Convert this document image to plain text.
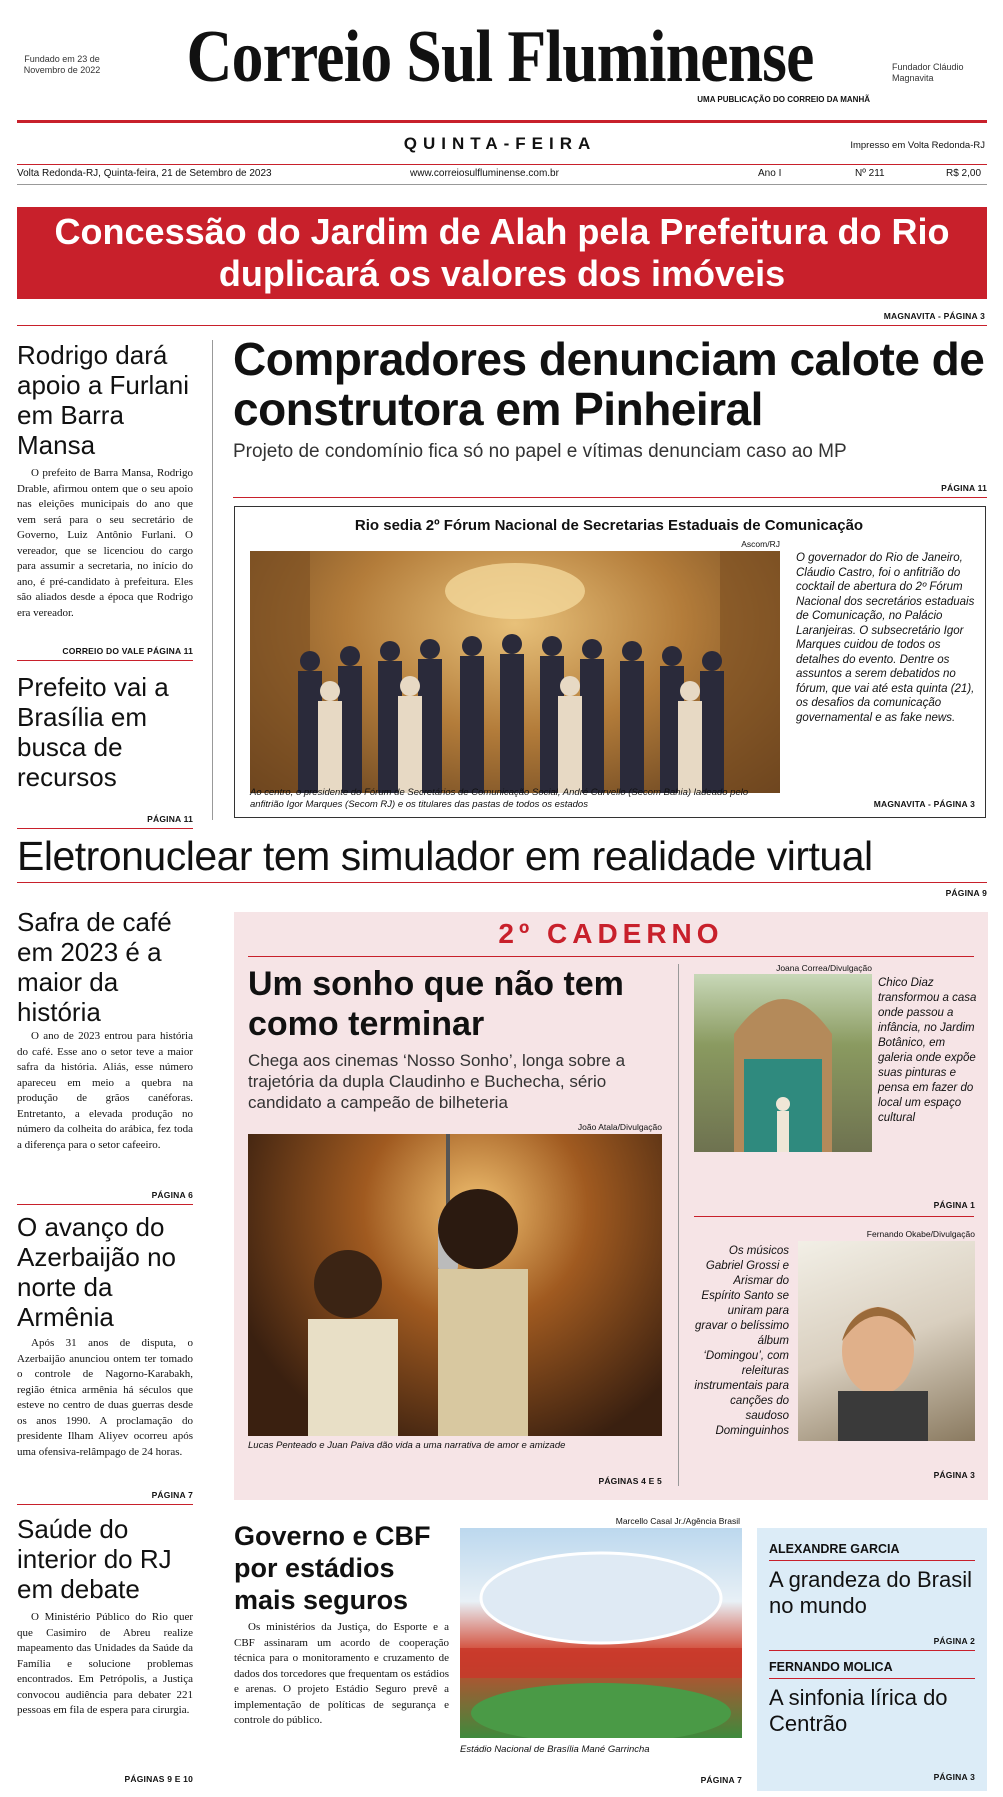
Fundado em 23 de Novembro de 2022 Correio Sul Fluminense	Fundador Cláudio Magnavita
UMA PUBLICAÇÃO DO CORREIO DA MANHÃ
QUINTA-FEIRA	Impresso em Volta Redonda-RJ
Volta Redonda-RJ, Quinta-feira, 21 de Setembro de 2023	www.correiosulfluminense.com.br	Ano I	Nº 211	R$ 2,00
Concessão do Jardim de Alah pela Prefeitura do Rio duplicará os valores dos imóveis
MAGNAVITA - PÁGINA 3
Rodrigo dará apoio a Furlani em Barra Mansa

O prefeito de Barra Mansa, Rodrigo Drable, afirmou ontem que o seu apoio nas eleições municipais do ano que vem será para o seu secretário de Governo, Luiz Antônio Furlani. O vereador, que se licenciou do cargo para assumir a secretaria, no início do ano, é pré-candidato à prefeitura. Eles são aliados desde a época que Rodrigo era vereador.

CORREIO DO VALE PÁGINA 11
Prefeito vai a Brasília em busca de recursos
PÁGINA 11
Safra de café em 2023 é a maior da história

O ano de 2023 entrou para história do café. Esse ano o setor teve a maior safra da história. Aliás, esse número apareceu em meio a quebra na produção de grãos canéforas. Entretanto, a elevada produção no número da colheita do arábica, fez toda a diferença para o setor cafeeiro.

PÁGINA 6
O avanço do Azerbaijão no norte da Armênia

Após 31 anos de disputa, o Azerbaijão anunciou ontem ter tomado o controle de Nagorno-Karabakh, região étnica armênia há séculos que esteve no centro de duas guerras desde os anos 1990. A proclamação do presidente Ilham Aliyev ocorreu após uma ofensiva-relâmpago de 24 horas.

PÁGINA 7
Saúde do interior do RJ em debate

O Ministério Público do Rio quer que Casimiro de Abreu realize mapeamento das Unidades da Saúde da Família e solucione problemas encontrados. Em Petrópolis, a Justiça convocou audiência para debater 221 pessoas em fila de espera para cirurgia.

PÁGINAS 9 E 10
Compradores denunciam calote de construtora em Pinheiral
Projeto de condomínio fica só no papel e vítimas denunciam caso ao MP
PÁGINA 11
Rio sedia 2º Fórum Nacional de Secretarias Estaduais de Comunicação
Ascom/RJ
O governador do Rio de Janeiro, Cláudio Castro, foi o anfitrião do cocktail de abertura do 2º Fórum Nacional dos secretários estaduais de Comunicação, no Palácio Laranjeiras. O subsecretário Igor Marques cuidou de todos os detalhes do evento. Dentre os assuntos a serem debatidos no fórum, que vai até esta quinta (21), os desafios da comunicação governamental e as fake news.
Ao centro, o presidente do Fórum de Secretários de Comunicação Social, André Curvello (Secom Bahia) ladeado pelo anfitrião Igor Marques (Secom RJ) e os titulares das pastas de todos os estados	MAGNAVITA - PÁGINA 3
Eletronuclear tem simulador em realidade virtual
PÁGINA 9
2º CADERNO
Um sonho que não tem como terminar
Chega aos cinemas ‘Nosso Sonho’, longa sobre a trajetória da dupla Claudinho e Buchecha, sério candidato a campeão de bilheteria
João Atala/Divulgação
Lucas Penteado e Juan Paiva dão vida a uma narrativa de amor e amizade
PÁGINAS 4 E 5
Joana Correa/Divulgação
Chico Diaz transformou a casa onde passou a infância, no Jardim Botânico, em galeria onde expõe suas pinturas e pensa em fazer do local um espaço cultural
PÁGINA 1
Fernando Okabe/Divulgação
Os músicos Gabriel Grossi e Arismar do Espírito Santo se uniram para gravar o belíssimo álbum ‘Domingou’, com releituras instrumentais para canções do saudoso Dominguinhos
PÁGINA 3
Governo e CBF por estádios mais seguros

Os ministérios da Justiça, do Esporte e a CBF assinaram um acordo de cooperação técnica para o monitoramento e cruzamento de dados dos torcedores que frequentam os estádios e arenas. O projeto Estádio Seguro prevê a implementação de políticas de segurança e controle do público.

Marcello Casal Jr./Agência Brasil
Estádio Nacional de Brasília Mané Garrincha
PÁGINA 7
ALEXANDRE GARCIA
A grandeza do Brasil no mundo
PÁGINA 2
FERNANDO MOLICA
A sinfonia lírica do Centrão
PÁGINA 3
